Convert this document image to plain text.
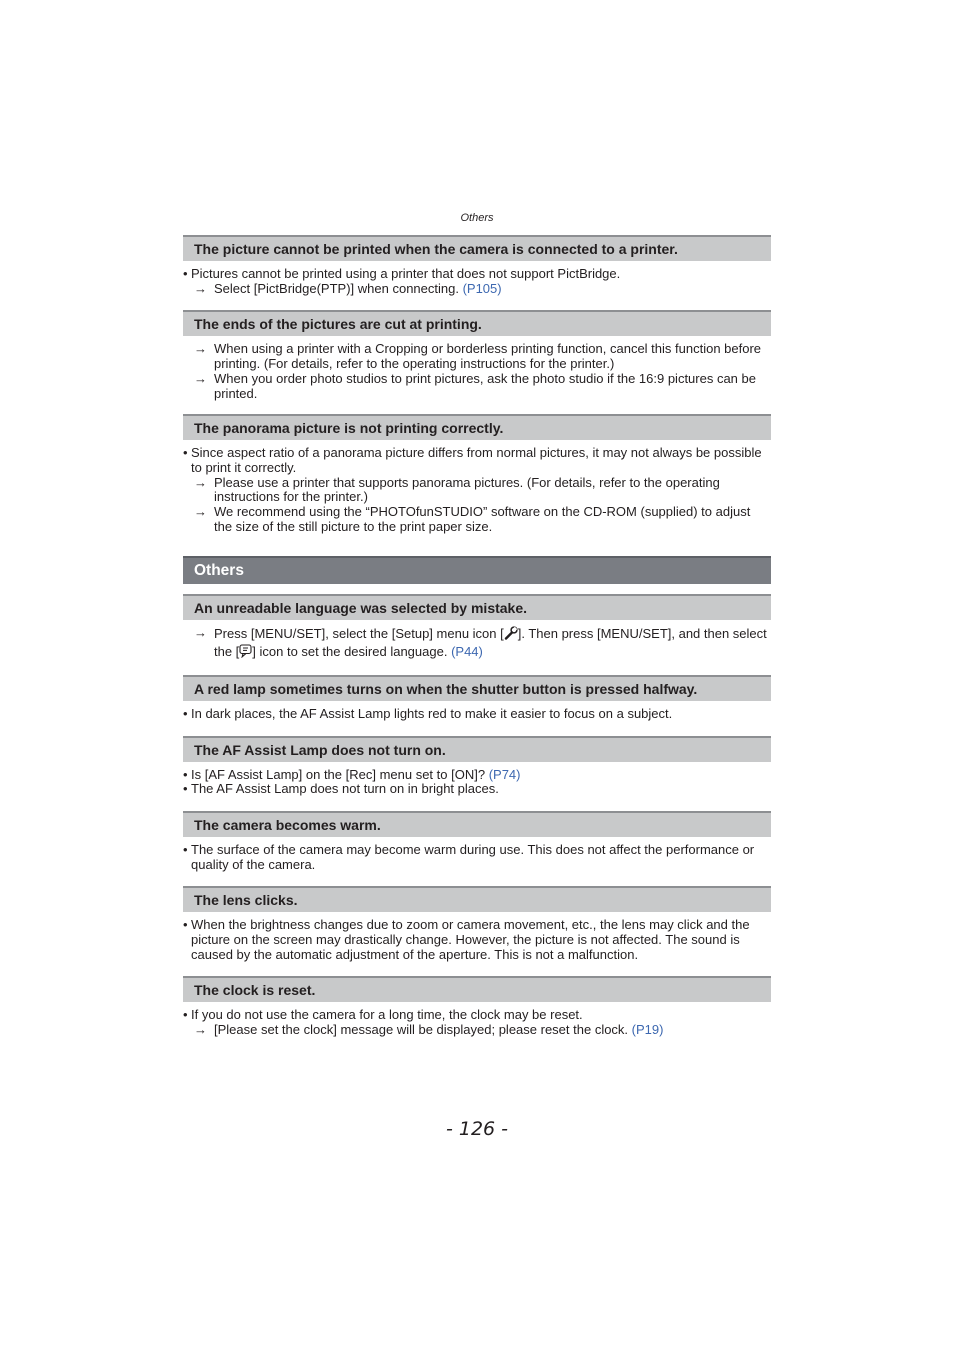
Others
The picture cannot be printed when the camera is connected to a printer.
• Pictures cannot be printed using a printer that does not support PictBridge.
→ Select [PictBridge(PTP)] when connecting. (P105)
The ends of the pictures are cut at printing.
→ When using a printer with a Cropping or borderless printing function, cancel this function before printing. (For details, refer to the operating instructions for the printer.)
→ When you order photo studios to print pictures, ask the photo studio if the 16:9 pictures can be printed.
The panorama picture is not printing correctly.
• Since aspect ratio of a panorama picture differs from normal pictures, it may not always be possible to print it correctly.
→ Please use a printer that supports panorama pictures. (For details, refer to the operating instructions for the printer.)
→ We recommend using the “PHOTOfunSTUDIO” software on the CD-ROM (supplied) to adjust the size of the still picture to the print paper size.
Others
An unreadable language was selected by mistake.
→ Press [MENU/SET], select the [Setup] menu icon [ ]. Then press [MENU/SET], and then select the [ ] icon to set the desired language. (P44)
A red lamp sometimes turns on when the shutter button is pressed halfway.
• In dark places, the AF Assist Lamp lights red to make it easier to focus on a subject.
The AF Assist Lamp does not turn on.
• Is [AF Assist Lamp] on the [Rec] menu set to [ON]? (P74)
• The AF Assist Lamp does not turn on in bright places.
The camera becomes warm.
• The surface of the camera may become warm during use. This does not affect the performance or quality of the camera.
The lens clicks.
• When the brightness changes due to zoom or camera movement, etc., the lens may click and the picture on the screen may drastically change. However, the picture is not affected. The sound is caused by the automatic adjustment of the aperture. This is not a malfunction.
The clock is reset.
• If you do not use the camera for a long time, the clock may be reset.
→ [Please set the clock] message will be displayed; please reset the clock. (P19)
- 126 -
